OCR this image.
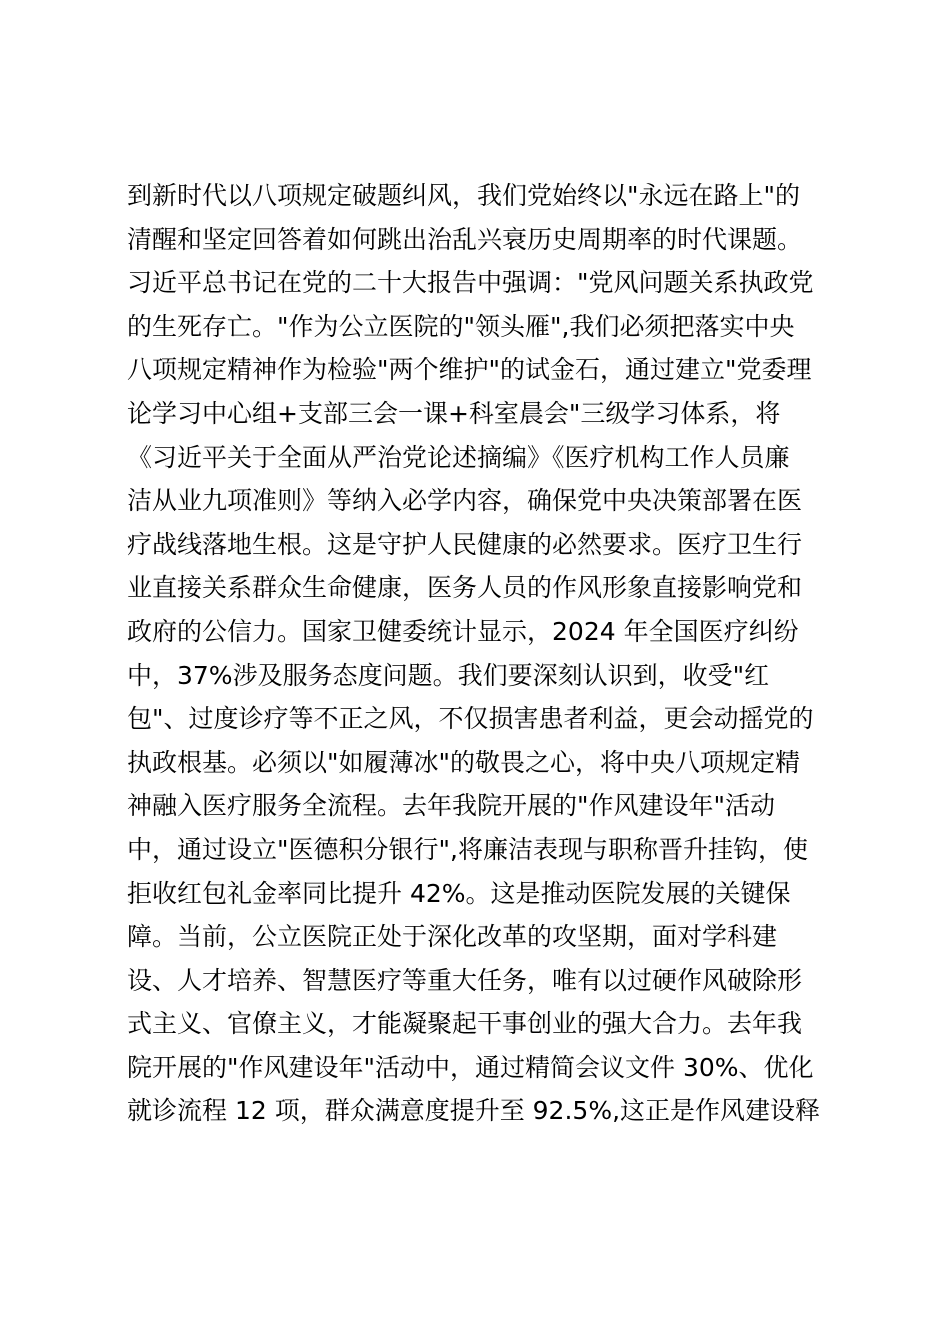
到新时代以八项规定破题纠风，我们党始终以"永远在路上"的
清醒和坚定回答着如何跳出治乱兴衰历史周期率的时代课题。
习近平总书记在党的二十大报告中强调："党风问题关系执政党
的生死存亡。"作为公立医院的"领头雁",我们必须把落实中央
八项规定精神作为检验"两个维护"的试金石，通过建立"党委理
论学习中心组+支部三会一课+科室晨会"三级学习体系，将
《习近平关于全面从严治党论述摘编》《医疗机构工作人员廉
洁从业九项准则》等纳入必学内容，确保党中央决策部署在医
疗战线落地生根。这是守护人民健康的必然要求。医疗卫生行
业直接关系群众生命健康，医务人员的作风形象直接影响党和
政府的公信力。国家卫健委统计显示，2024 年全国医疗纠纷
中，37%涉及服务态度问题。我们要深刻认识到，收受"红
包"、过度诊疗等不正之风，不仅损害患者利益，更会动摇党的
执政根基。必须以"如履薄冰"的敬畏之心，将中央八项规定精
神融入医疗服务全流程。去年我院开展的"作风建设年"活动
中，通过设立"医德积分银行",将廉洁表现与职称晋升挂钩，使
拒收红包礼金率同比提升 42%。这是推动医院发展的关键保
障。当前，公立医院正处于深化改革的攻坚期，面对学科建
设、人才培养、智慧医疗等重大任务，唯有以过硬作风破除形
式主义、官僚主义，才能凝聚起干事创业的强大合力。去年我
院开展的"作风建设年"活动中，通过精简会议文件 30%、优化
就诊流程 12 项，群众满意度提升至 92.5%,这正是作风建设释
